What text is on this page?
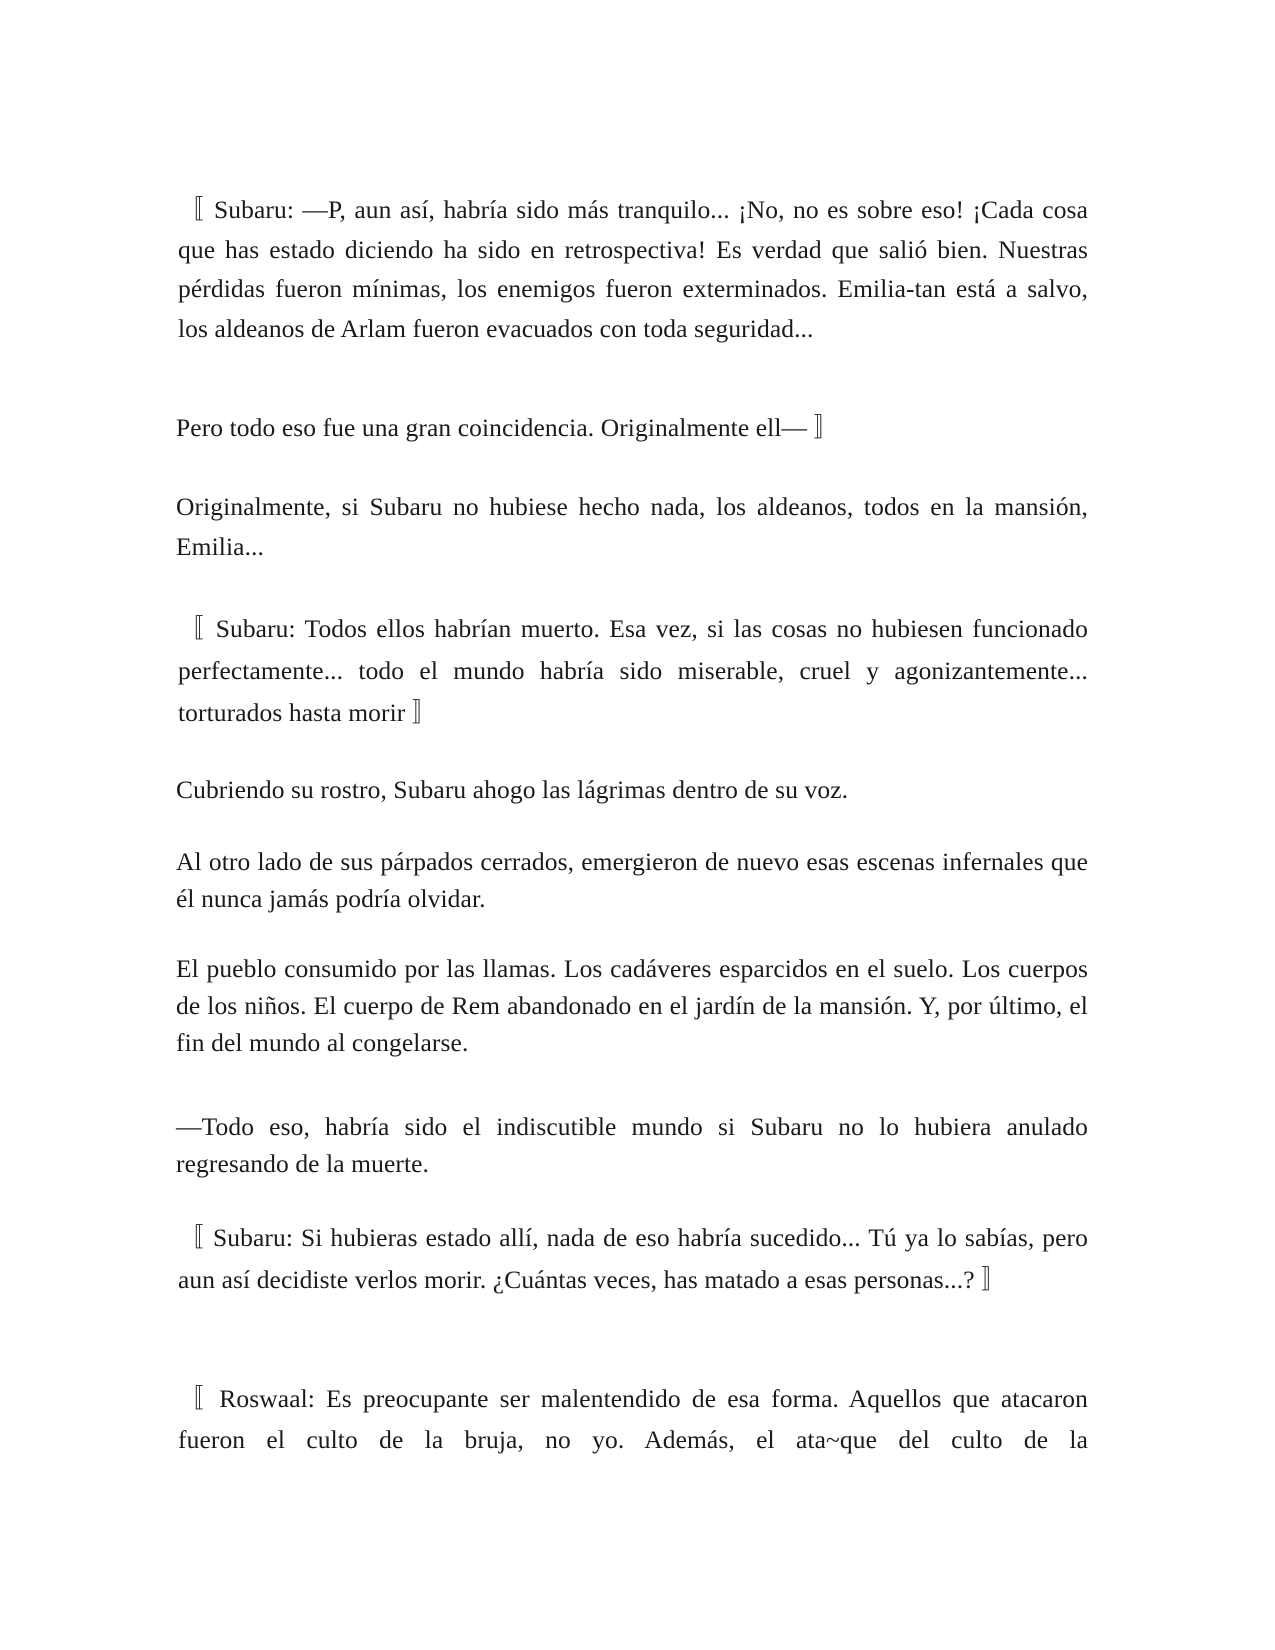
〚 Subaru: —P, aun así, habría sido más tranquilo... ¡No, no es sobre eso! ¡Cada cosa que has estado diciendo ha sido en retrospectiva! Es verdad que salió bien. Nuestras pérdidas fueron mínimas, los enemigos fueron exterminados. Emilia-tan está a salvo, los aldeanos de Arlam fueron evacuados con toda seguridad...

Pero todo eso fue una gran coincidencia. Originalmente ell— 〛

Originalmente, si Subaru no hubiese hecho nada, los aldeanos, todos en la mansión, Emilia...

〚 Subaru: Todos ellos habrían muerto. Esa vez, si las cosas no hubiesen funcionado perfectamente... todo el mundo habría sido miserable, cruel y agonizantemente... torturados hasta morir 〛

Cubriendo su rostro, Subaru ahogo las lágrimas dentro de su voz.

Al otro lado de sus párpados cerrados, emergieron de nuevo esas escenas infernales que él nunca jamás podría olvidar.

El pueblo consumido por las llamas. Los cadáveres esparcidos en el suelo. Los cuerpos de los niños. El cuerpo de Rem abandonado en el jardín de la mansión. Y, por último, el fin del mundo al congelarse.

—Todo eso, habría sido el indiscutible mundo si Subaru no lo hubiera anulado regresando de la muerte.

〚 Subaru: Si hubieras estado allí, nada de eso habría sucedido... Tú ya lo sabías, pero aun así decidiste verlos morir. ¿Cuántas veces, has matado a esas personas...? 〛

〚 Roswaal: Es preocupante ser malentendido de esa forma. Aquellos que atacaron fueron el culto de la bruja, no yo. Además, el ata~que del culto de la
